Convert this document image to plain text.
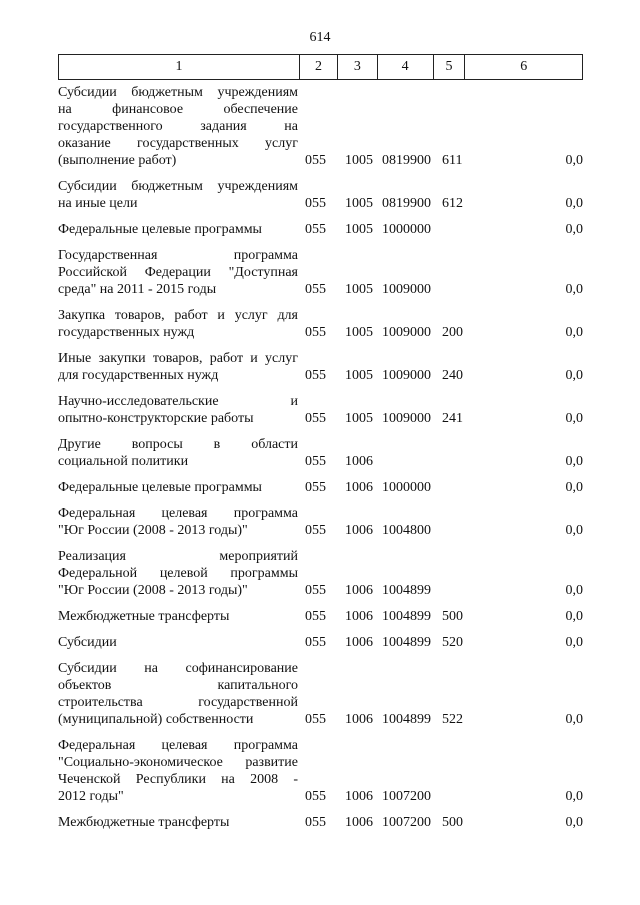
614
1	2	3	4	5	6
Субсидии бюджетным учреждениям
на финансовое обеспечение
государственного задания на
оказание государственных услуг
(выполнение работ)	055 1005 0819900 611	0,0
Субсидии бюджетным учреждениям
на иные цели	055 1005 0819900 612	0,0
Федеральные целевые программы	055 1005 1000000	0,0
Государственная программа
Российской Федерации "Доступная
среда" на 2011 - 2015 годы	055 1005 1009000	0,0
Закупка товаров, работ и услуг для
государственных нужд	055 1005 1009000 200	0,0
Иные закупки товаров, работ и услуг
для государственных нужд	055 1005 1009000 240	0,0
Научно-исследовательские и
опытно-конструкторские работы	055 1005 1009000 241	0,0
Другие вопросы в области
социальной политики	055 1006	0,0
Федеральные целевые программы	055 1006 1000000	0,0
Федеральная целевая программа
"Юг России (2008 - 2013 годы)"	055 1006 1004800	0,0
Реализация мероприятий
Федеральной целевой программы
"Юг России (2008 - 2013 годы)"	055 1006 1004899	0,0
Межбюджетные трансферты	055 1006 1004899 500	0,0
Субсидии	055 1006 1004899 520	0,0
Субсидии на софинансирование
объектов капитального
строительства государственной
(муниципальной) собственности	055 1006 1004899 522	0,0
Федеральная целевая программа
"Социально-экономическое развитие
Чеченской Республики на 2008 -
2012 годы"	055 1006 1007200	0,0
Межбюджетные трансферты	055 1006 1007200 500	0,0
